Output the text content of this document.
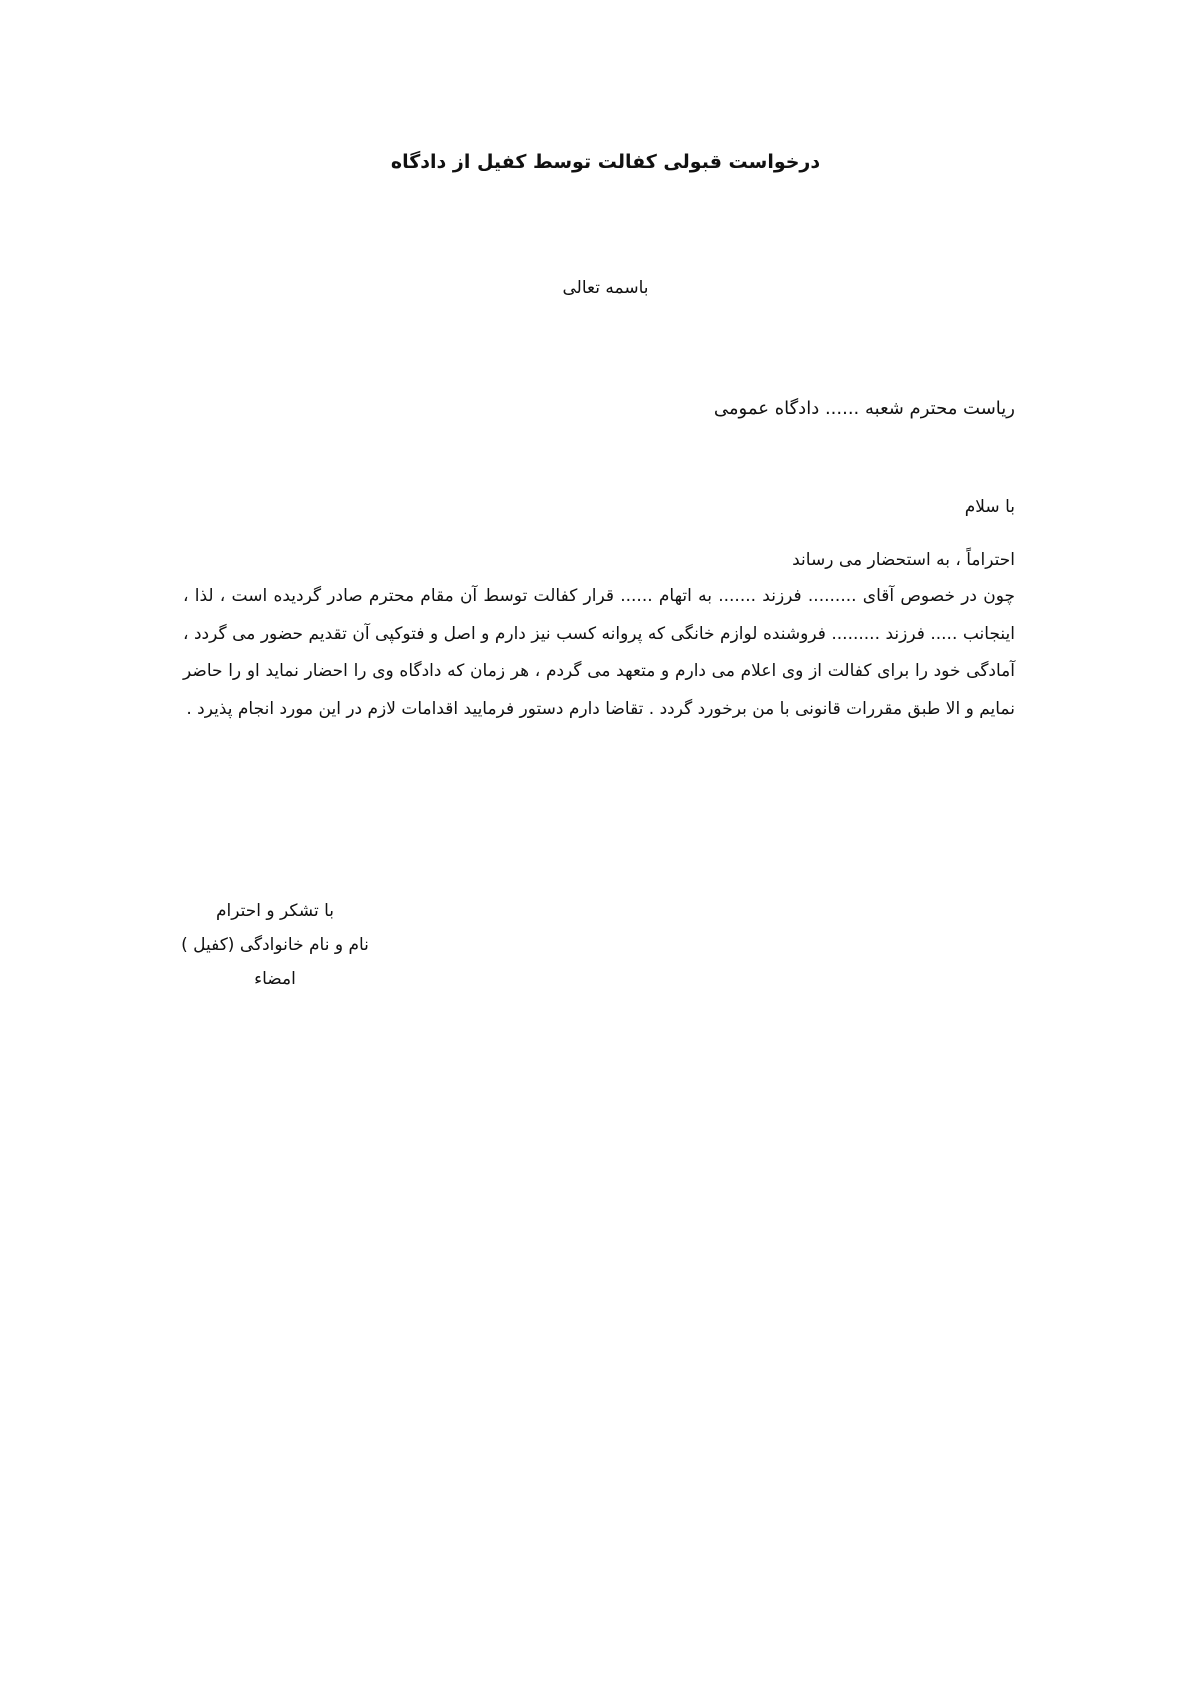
درخواست قبولی کفالت توسط کفیل از دادگاه
باسمه تعالی
ریاست محترم شعبه ...... دادگاه عمومی
با سلام

احتراماً ، به استحضار می رساند

چون در خصوص آقای ......... فرزند ....... به اتهام ...... قرار کفالت توسط آن مقام محترم صادر گردیده است ، لذا ، اینجانب ..... فرزند ......... فروشنده لوازم خانگی که پروانه کسب نیز دارم و اصل و فتوکپی آن تقدیم حضور می گردد ، آمادگی خود را برای کفالت از وی اعلام می دارم و متعهد می گردم ، هر زمان که دادگاه وی را احضار نماید او را حاضر نمایم و الا طبق مقررات قانونی با من برخورد گردد . تقاضا دارم دستور فرمایید اقدامات لازم در این مورد انجام پذیرد .

با تشکر و احترام
نام و نام خانوادگی (کفیل )
امضاء
